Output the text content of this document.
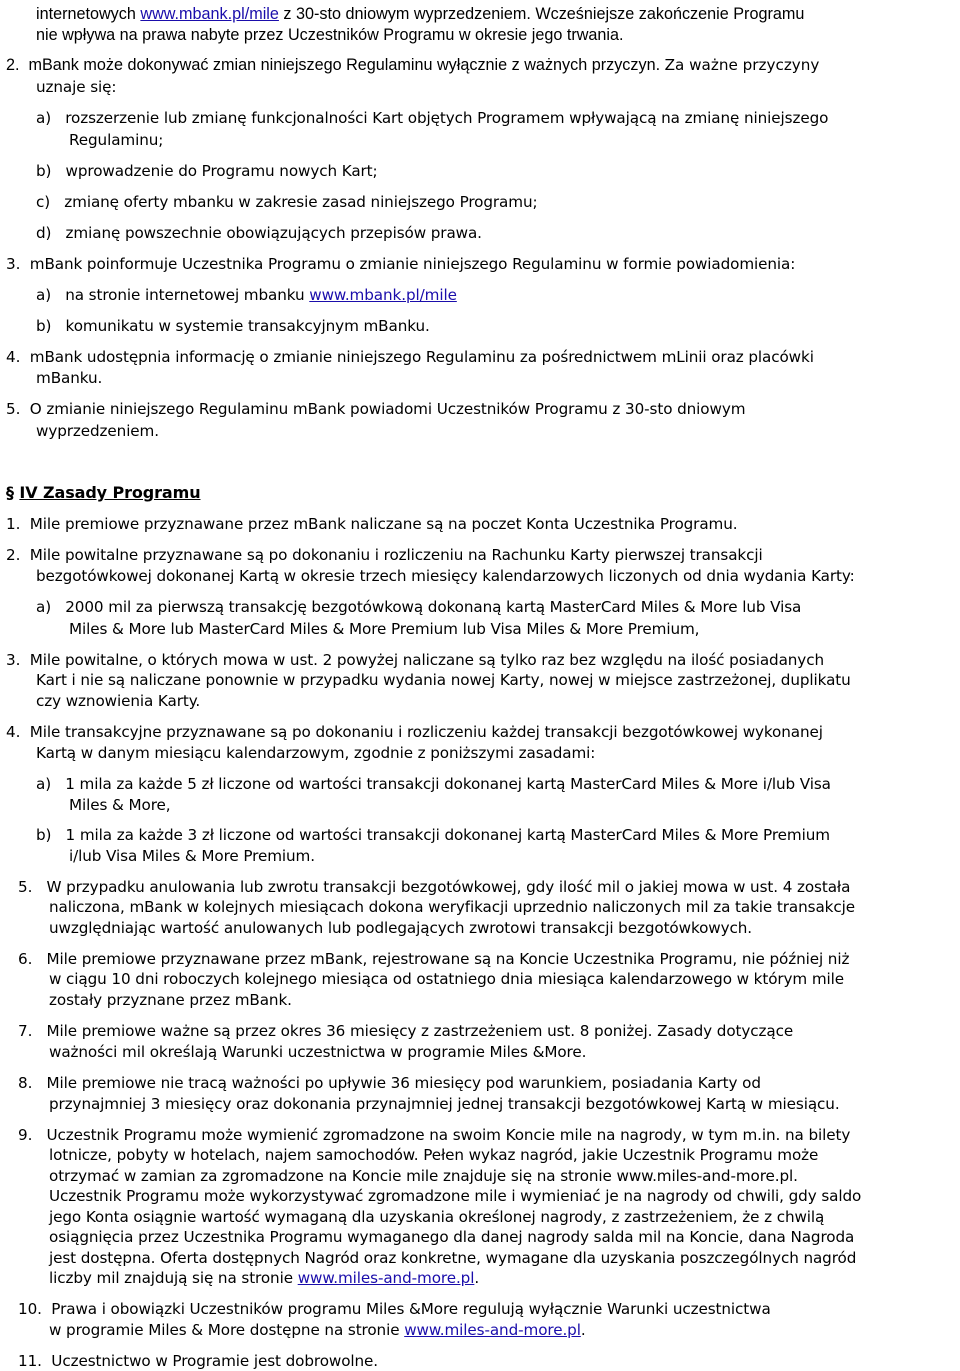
internetowych www.mbank.pl/mile z 30-sto dniowym wyprzedzeniem. Wcześniejsze zakończenie Programu
nie wpływa na prawa nabyte przez Uczestników Programu w okresie jego trwania.
2.  mBank może dokonywać zmian niniejszego Regulaminu wyłącznie z ważnych przyczyn. Za ważne przyczyny
uznaje się:
a)   rozszerzenie lub zmianę funkcjonalności Kart objętych Programem wpływającą na zmianę niniejszego
Regulaminu;
b)   wprowadzenie do Programu nowych Kart;
c)   zmianę oferty mbanku w zakresie zasad niniejszego Programu;
d)   zmianę powszechnie obowiązujących przepisów prawa.
3.  mBank poinformuje Uczestnika Programu o zmianie niniejszego Regulaminu w formie powiadomienia:
a)   na stronie internetowej mbanku www.mbank.pl/mile
b)   komunikatu w systemie transakcyjnym mBanku.
4.  mBank udostępnia informację o zmianie niniejszego Regulaminu za pośrednictwem mLinii oraz placówki
mBanku.
5.  O zmianie niniejszego Regulaminu mBank powiadomi Uczestników Programu z 30-sto dniowym
wyprzedzeniem.
§ IV Zasady Programu
1.  Mile premiowe przyznawane przez mBank naliczane są na poczet Konta Uczestnika Programu.
2.  Mile powitalne przyznawane są po dokonaniu i rozliczeniu na Rachunku Karty pierwszej transakcji
bezgotówkowej dokonanej Kartą w okresie trzech miesięcy kalendarzowych liczonych od dnia wydania Karty:
a)   2000 mil za pierwszą transakcję bezgotówkową dokonaną kartą MasterCard Miles & More lub Visa
Miles & More lub MasterCard Miles & More Premium lub Visa Miles & More Premium,
3.  Mile powitalne, o których mowa w ust. 2 powyżej naliczane są tylko raz bez względu na ilość posiadanych
Kart i nie są naliczane ponownie w przypadku wydania nowej Karty, nowej w miejsce zastrzeżonej, duplikatu
czy wznowienia Karty.
4.  Mile transakcyjne przyznawane są po dokonaniu i rozliczeniu każdej transakcji bezgotówkowej wykonanej
Kartą w danym miesiącu kalendarzowym, zgodnie z poniższymi zasadami:
a)   1 mila za każde 5 zł liczone od wartości transakcji dokonanej kartą MasterCard Miles & More i/lub Visa
Miles & More,
b)   1 mila za każde 3 zł liczone od wartości transakcji dokonanej kartą MasterCard Miles & More Premium
i/lub Visa Miles & More Premium.
5.   W przypadku anulowania lub zwrotu transakcji bezgotówkowej, gdy ilość mil o jakiej mowa w ust. 4 została
naliczona, mBank w kolejnych miesiącach dokona weryfikacji uprzednio naliczonych mil za takie transakcje
uwzględniając wartość anulowanych lub podlegających zwrotowi transakcji bezgotówkowych.
6.   Mile premiowe przyznawane przez mBank, rejestrowane są na Koncie Uczestnika Programu, nie później niż
w ciągu 10 dni roboczych kolejnego miesiąca od ostatniego dnia miesiąca kalendarzowego w którym mile
zostały przyznane przez mBank.
7.   Mile premiowe ważne są przez okres 36 miesięcy z zastrzeżeniem ust. 8 poniżej. Zasady dotyczące
ważności mil określają Warunki uczestnictwa w programie Miles &More.
8.   Mile premiowe nie tracą ważności po upływie 36 miesięcy pod warunkiem, posiadania Karty od
przynajmniej 3 miesięcy oraz dokonania przynajmniej jednej transakcji bezgotówkowej Kartą w miesiącu.
9.   Uczestnik Programu może wymienić zgromadzone na swoim Koncie mile na nagrody, w tym m.in. na bilety
lotnicze, pobyty w hotelach, najem samochodów. Pełen wykaz nagród, jakie Uczestnik Programu może
otrzymać w zamian za zgromadzone na Koncie mile znajduje się na stronie www.miles-and-more.pl.
Uczestnik Programu może wykorzystywać zgromadzone mile i wymieniać je na nagrody od chwili, gdy saldo
jego Konta osiągnie wartość wymaganą dla uzyskania określonej nagrody, z zastrzeżeniem, że z chwilą
osiągnięcia przez Uczestnika Programu wymaganego dla danej nagrody salda mil na Koncie, dana Nagroda
jest dostępna. Oferta dostępnych Nagród oraz konkretne, wymagane dla uzyskania poszczególnych nagród
liczby mil znajdują się na stronie www.miles-and-more.pl.
10.  Prawa i obowiązki Uczestników programu Miles &More regulują wyłącznie Warunki uczestnictwa
w programie Miles & More dostępne na stronie www.miles-and-more.pl.
11.  Uczestnictwo w Programie jest dobrowolne.
